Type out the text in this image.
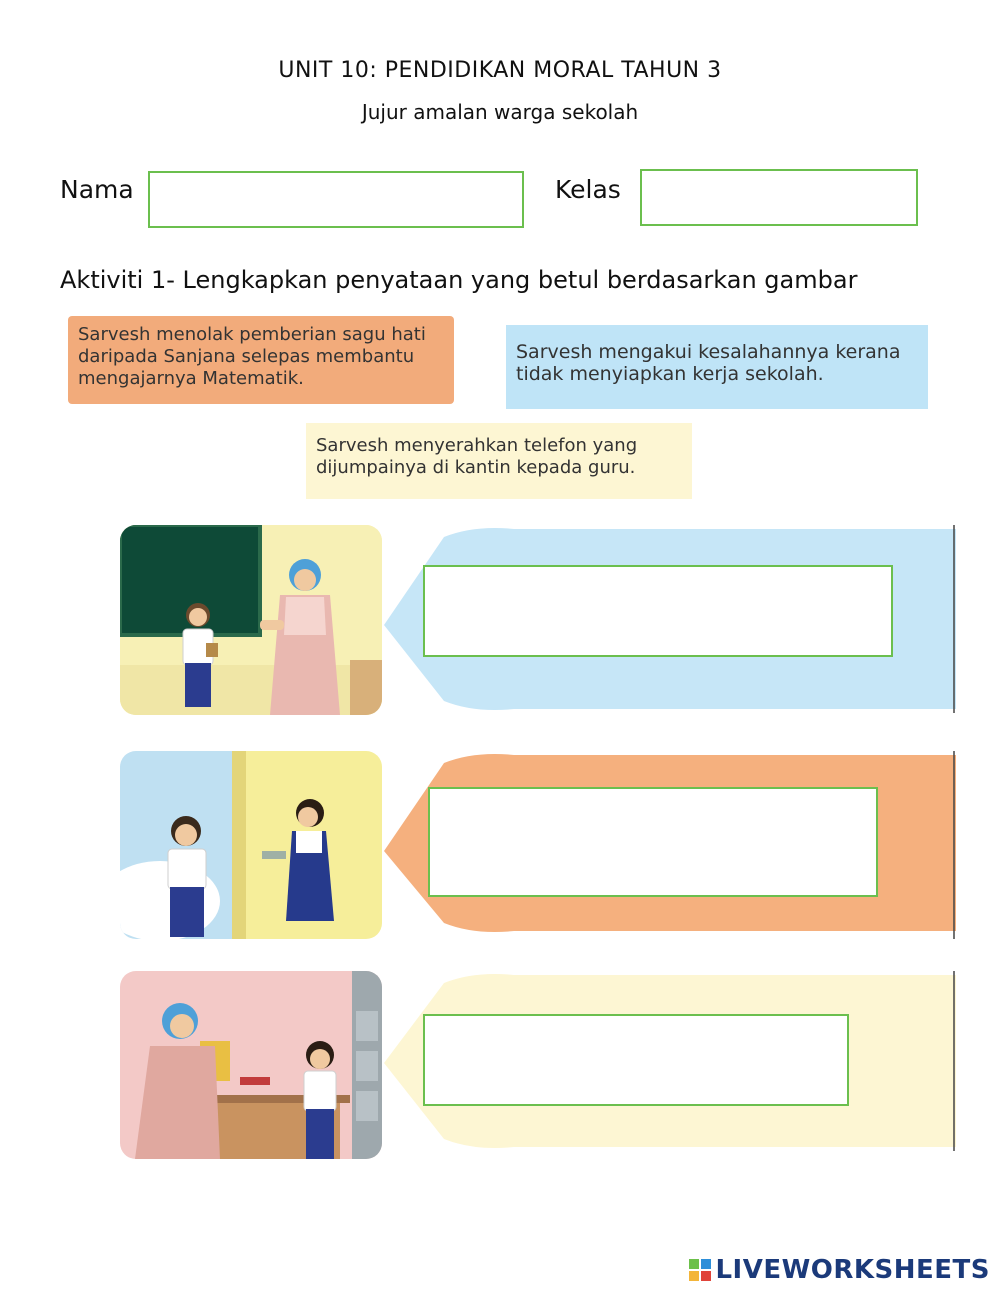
UNIT 10: PENDIDIKAN MORAL TAHUN 3
Jujur amalan warga sekolah
Nama	Kelas
Aktiviti 1- Lengkapkan penyataan yang betul berdasarkan gambar
Sarvesh menolak pemberian sagu hati daripada Sanjana selepas membantu mengajarnya Matematik.
Sarvesh mengakui kesalahannya kerana tidak menyiapkan kerja sekolah.
Sarvesh menyerahkan telefon yang dijumpainya di kantin kepada guru.
LIVEWORKSHEETS
